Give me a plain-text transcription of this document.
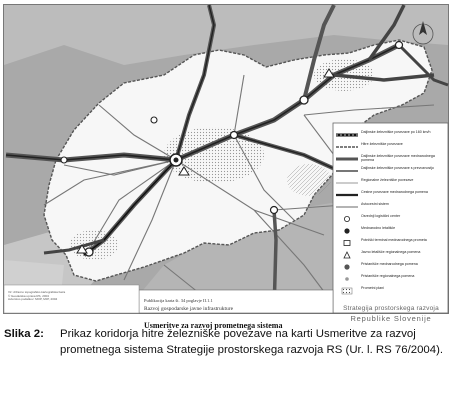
Daljinske železniške povezave po 160 km/h
Hitre železniške povezave
Daljinske železniške povezave mednarodnega pomena
Daljinske železniške povezave s prevoznostjo
Regionalne železniške povezave
Cestne povezave mednarodnega pomena
Avtocestni sistem
Osrednji logistični center
Mednarodno letališče
Potniški terminal mednarodnega prometa
Javno letališče regionalnega pomena
Pristanišče mednarodnega pomena
Pristanišče regionalnega pomena
Prometni plani
Vir: državno topografsko kartografska baza
© Geodetska uprava RS, 2004
Avtorstvo podatkov: MOP, MzP, 2004	Publikacija karta št. 34 poglavje II.1.1
Razvoj gospodarske javne infrastrukture
Usmeritve za razvoj prometnega sistema
Strategija prostorskega razvoja
Republike Slovenije
Slika 2: Prikaz koridorja hitre železniške povezave na karti Usmeritve za razvoj prometnega sistema Strategije prostorskega razvoja RS (Ur. l. RS 76/2004).
